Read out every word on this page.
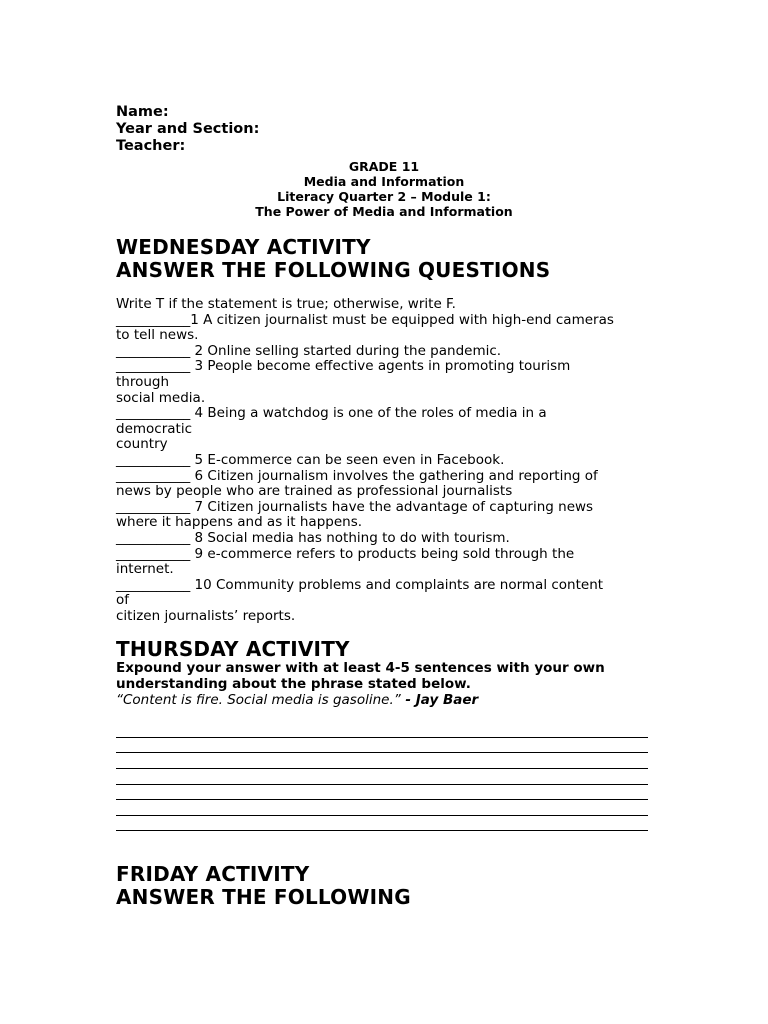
Name:
Year and Section:
Teacher:
GRADE 11
Media and Information
Literacy Quarter 2 – Module 1:
The Power of Media and Information
WEDNESDAY ACTIVITY
ANSWER THE FOLLOWING QUESTIONS
Write T if the statement is true; otherwise, write F.
___________1 A citizen journalist must be equipped with high-end cameras
to tell news.
___________ 2 Online selling started during the pandemic.
___________ 3 People become effective agents in promoting tourism
through
social media.
___________ 4 Being a watchdog is one of the roles of media in a
democratic
country
___________ 5 E-commerce can be seen even in Facebook.
___________ 6 Citizen journalism involves the gathering and reporting of
news by people who are trained as professional journalists
___________ 7 Citizen journalists have the advantage of capturing news
where it happens and as it happens.
___________ 8 Social media has nothing to do with tourism.
___________ 9 e-commerce refers to products being sold through the
internet.
___________ 10 Community problems and complaints are normal content
of
citizen journalists’ reports.
THURSDAY ACTIVITY
Expound your answer with at least 4-5 sentences with your own
understanding about the phrase stated below.
“Content is fire. Social media is gasoline.” - Jay Baer
FRIDAY ACTIVITY
ANSWER THE FOLLOWING
